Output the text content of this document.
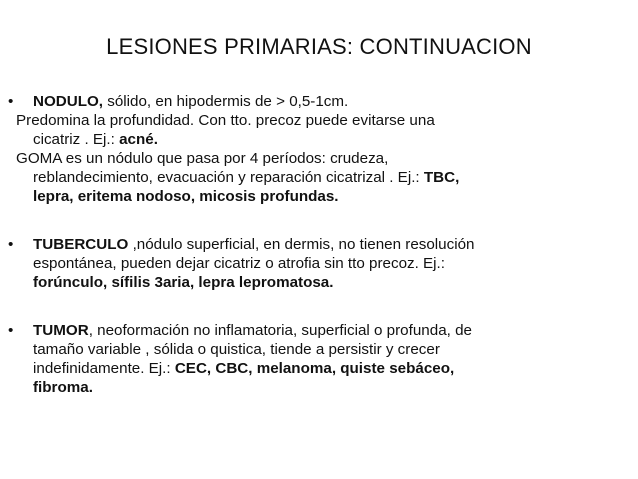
LESIONES PRIMARIAS: CONTINUACION
• NODULO, sólido, en hipodermis de > 0,5-1cm.
Predomina la profundidad. Con tto. precoz puede evitarse una
cicatriz . Ej.: acné.
GOMA es un nódulo que pasa por 4 períodos: crudeza,
reblandecimiento, evacuación y reparación cicatrizal . Ej.: TBC,
lepra, eritema nodoso, micosis profundas.
• TUBERCULO ,nódulo superficial, en dermis, no tienen resolución
espontánea, pueden dejar cicatriz o atrofia sin tto precoz. Ej.:
forúnculo, sífilis 3aria, lepra lepromatosa.
• TUMOR, neoformación no inflamatoria, superficial o profunda, de
tamaño variable , sólida o quistica, tiende a persistir y crecer
indefinidamente. Ej.: CEC, CBC, melanoma, quiste sebáceo,
fibroma.
